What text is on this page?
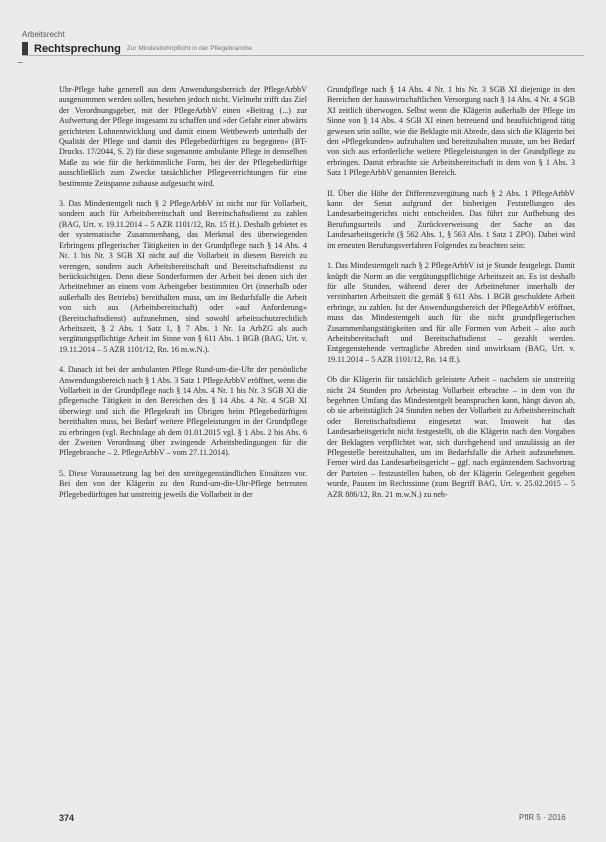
Arbeitsrecht
Rechtsprechung Zur Mindestlohnpflicht in der Pflegebranche

Uhr-Pflege habe generell aus dem Anwendungsbereich der PflegeArbbV ausgenommen werden sollen, bestehen jedoch nicht. Vielmehr trifft das Ziel der Verordnungsgeber, mit der PflegeArbbV einen »Beitrag (...) zur Aufwertung der Pflege insgesamt zu schaffen und »der Gefahr einer abwärts gerichteten Lohnentwicklung und damit einem Wettbewerb unterhalb der Qualität der Pflege und damit des Pflegebedürftigen zu begegnen« (BT-Drucks. 17/2044, S. 2) für diese sogenannte ambulante Pflege in demselben Maße zu wie für die herkömmliche Form, bei der der Pflegebedürftige ausschließlich zum Zwecke tatsächlicher Pflegeverrichtungen für eine bestimmte Zeitspanne zuhause aufgesucht wird.

3. Das Mindestentgelt nach § 2 PflegeArbbV ist nicht nur für Vollarbeit, sondern auch für Arbeitsbereitschaft und Bereitschaftsdienst zu zahlen (BAG, Urt. v. 19.11.2014 – 5 AZR 1101/12, Rn. 15 ff.). Deshalb gebietet es der systematische Zusammenhang, das Merkmal des überwiegenden Erbringens pflegerischer Tätigkeiten in der Grundpflege nach § 14 Abs. 4 Nr. 1 bis Nr. 3 SGB XI nicht auf die Vollarbeit in diesem Bereich zu verengen, sondern auch Arbeitsbereitschaft und Bereitschaftsdienst zu berücksichtigen. Denn diese Sonderformen der Arbeit bei denen sich der Arbeitnehmer an einem vom Arbeitgeber bestimmten Ort (innerhalb oder außerhalb des Betriebs) bereithalten muss, um im Bedarfsfalle die Arbeit von sich aus (Arbeitsbereitschaft) oder »auf Anforderung« (Bereitschaftsdienst) aufzunehmen, sind sowohl arbeitsschutzrechtlich Arbeitszeit, § 2 Abs. 1 Satz 1, § 7 Abs. 1 Nr. 1a ArbZG als auch vergütungspflichtige Arbeit im Sinne von § 611 Abs. 1 BGB (BAG, Urt. v. 19.11.2014 – 5 AZR 1101/12, Rn. 16 m.w.N.).

4. Danach ist bei der ambulanten Pflege Rund-um-die-Uhr der persönliche Anwendungsbereich nach § 1 Abs. 3 Satz 1 PflegeArbbV eröffnet, wenn die Vollarbeit in der Grundpflege nach § 14 Abs. 4 Nr. 1 bis Nr. 3 SGB XI die pflegerische Tätigkeit in den Bereichen des § 14 Abs. 4 Nr. 4 SGB XI überwiegt und sich die Pflegekraft im Übrigen beim Pflegebedürftigen bereithalten muss, bei Bedarf weitere Pflegeleistungen in der Grundpflege zu erbringen (vgl. Rechtslage ab dem 01.01.2015 vgl. § 1 Abs. 2 bis Abs. 6 der Zweiten Verordnung über zwingende Arbeitsbedingungen für die Pflegebranche – 2. PflegeArbbV – vom 27.11.2014).

5. Diese Voraussetzung lag bei den streitgegenständlichen Einsätzen vor. Bei den von der Klägerin zu den Rund-um-die-Uhr-Pflege betreuten Pflegebedürftigen hat unstreitig jeweils die Vollarbeit in der

Grundpflege nach § 14 Abs. 4 Nr. 1 bis Nr. 3 SGB XI diejenige in den Bereichen der hauswirtschaftlichen Versorgung nach § 14 Abs. 4 Nr. 4 SGB XI zeitlich überwogen. Selbst wenn die Klägerin außerhalb der Pflege im Sinne von § 14 Abs. 4 SGB XI einen betreuend und beaufsichtigend tätig gewesen sein sollte, wie die Beklagte mit Abrede, dass sich die Klägerin bei den »Pflegekunden« aufzuhalten und bereitzuhalten musste, um bei Bedarf von sich aus erforderliche weitere Pflegeleistungen in der Grundpflege zu erbringen. Damit erbrachte sie Arbeitsbereitschaft in dem von § 1 Abs. 3 Satz 1 PflegeArbbV genannten Bereich.

II. Über die Höhe der Differenzvergütung nach § 2 Abs. 1 PflegeArbbV kann der Senat aufgrund der bisherigen Feststellungen des Landesarbeitsgerichts nicht entscheiden. Das führt zur Aufhebung des Berufungsurteils und Zurückverweisung der Sache an das Landesarbeitsgericht (§ 562 Abs. 1, § 563 Abs. 1 Satz 1 ZPO). Dabei wird im erneuten Berufungsverfahren Folgendes zu beachten sein:

1. Das Mindestentgelt nach § 2 PflegeArbbV ist je Stunde festgelegt. Damit knüpft die Norm an die vergütungspflichtige Arbeitszeit an. Es ist deshalb für alle Stunden, während derer der Arbeitnehmer innerhalb der vereinbarten Arbeitszeit die gemäß § 611 Abs. 1 BGB geschuldete Arbeit erbringe, zu zahlen. Ist der Anwendungsbereich der PflegeArbbV eröffnet, muss das Mindestentgelt auch für die nicht grundpflegerischen Zusammenhangstätigkeiten und für alle Formen von Arbeit – also auch Arbeitsbereitschaft und Bereitschaftsdienst – gezahlt werden. Entgegenstehende vertragliche Abreden sind unwirksam (BAG, Urt. v. 19.11.2014 – 5 AZR 1101/12, Rn. 14 ff.).

Ob die Klägerin für tatsächlich geleistete Arbeit – nachdem sie unstreitig nicht 24 Stunden pro Arbeitstag Vollarbeit erbrachte – in dem von ihr begehrten Umfang das Mindestentgelt beanspruchen kann, hängt davon ab, ob sie arbeitstäglich 24 Stunden neben der Vollarbeit zu Arbeitsbereitschaft oder Bereitschaftsdienst eingesetzt war. Insoweit hat das Landesarbeitsgericht nicht festgestellt, ob die Klägerin nach den Vorgaben der Beklagten verpflichtet war, sich durchgehend und unzulässig an der Pflegestelle bereitzuhalten, um im Bedarfsfalle die Arbeit aufzunehmen. Ferner wird das Landesarbeitsgericht – ggf. nach ergänzendem Sachvortrag der Parteien – festzustellen haben, ob der Klägerin Gelegenheit gegeben wurde, Pausen im Rechtssinne (zum Begriff BAG, Urt. v. 25.02.2015 – 5 AZR 886/12, Rn. 21 m.w.N.) zu neh-

374	PflR 5 · 2016
